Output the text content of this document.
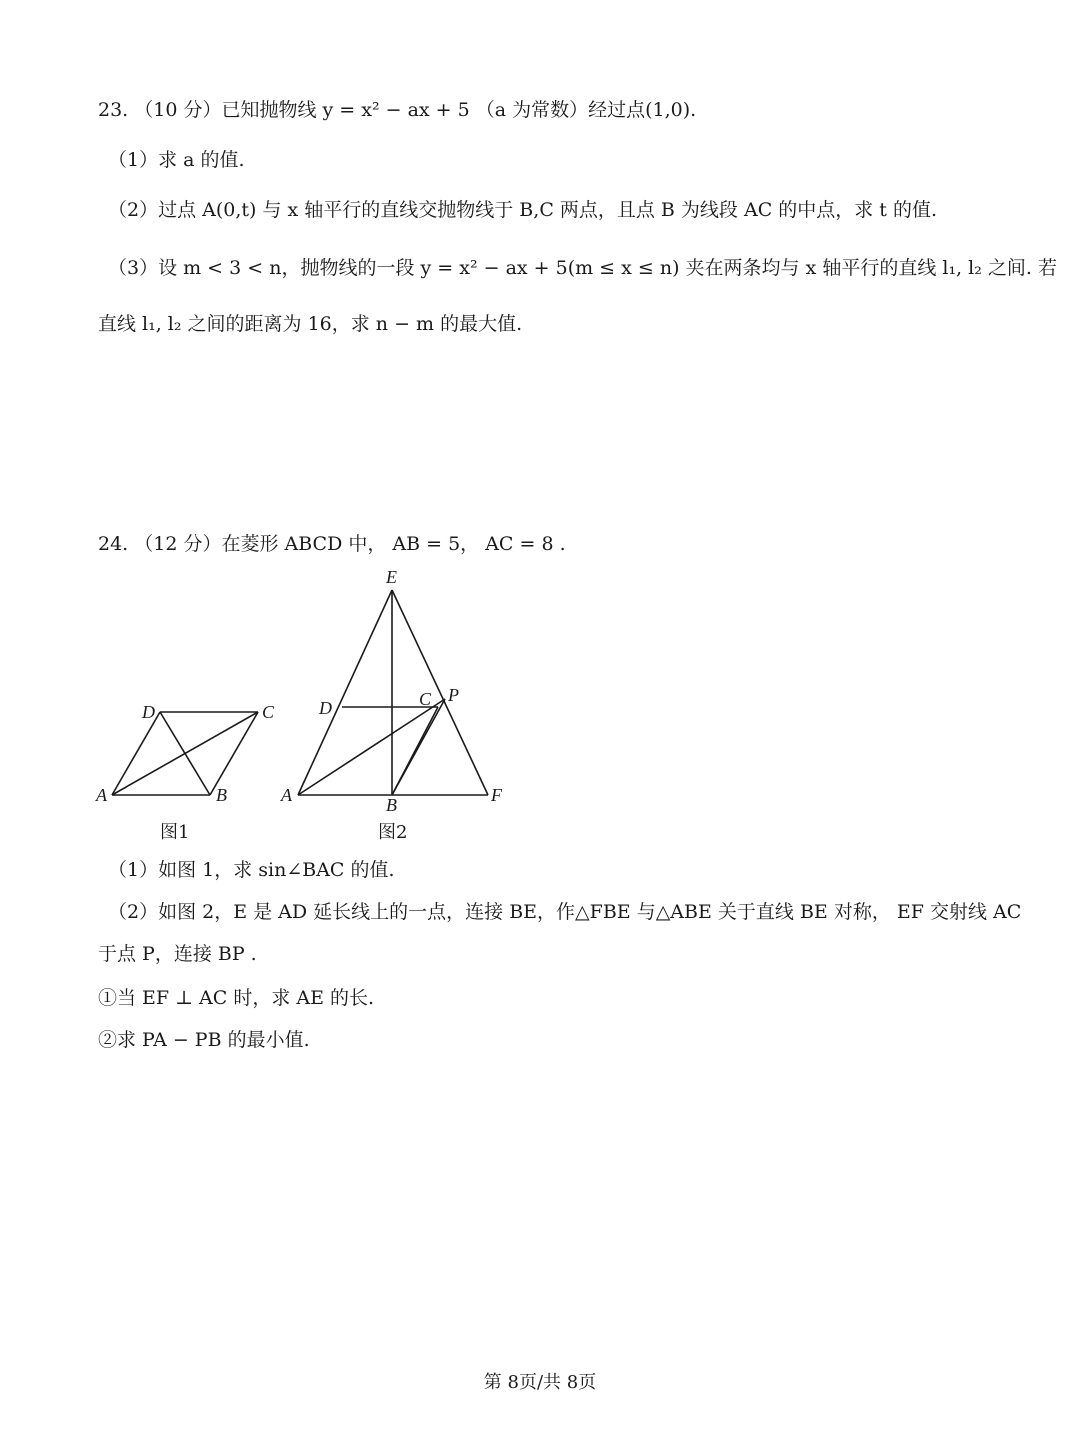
23. （10 分）已知抛物线 y = x² − ax + 5 （a 为常数）经过点(1,0).
（1）求 a 的值.
（2）过点 A(0,t) 与 x 轴平行的直线交抛物线于 B,C 两点，且点 B 为线段 AC 的中点，求 t 的值.
（3）设 m < 3 < n，抛物线的一段 y = x² − ax + 5(m ≤ x ≤ n) 夹在两条均与 x 轴平行的直线 l₁, l₂ 之间. 若
直线 l₁, l₂ 之间的距离为 16，求 n − m 的最大值.
24. （12 分）在菱形 ABCD 中， AB = 5， AC = 8 .
D	C
A	B
图1
E
D	C P
A	B	F
图2
（1）如图 1，求 sin∠BAC 的值.
（2）如图 2，E 是 AD 延长线上的一点，连接 BE，作△FBE 与△ABE 关于直线 BE 对称， EF 交射线 AC
于点 P，连接 BP .
①当 EF ⊥ AC 时，求 AE 的长.
②求 PA − PB 的最小值.
第 8页/共 8页
